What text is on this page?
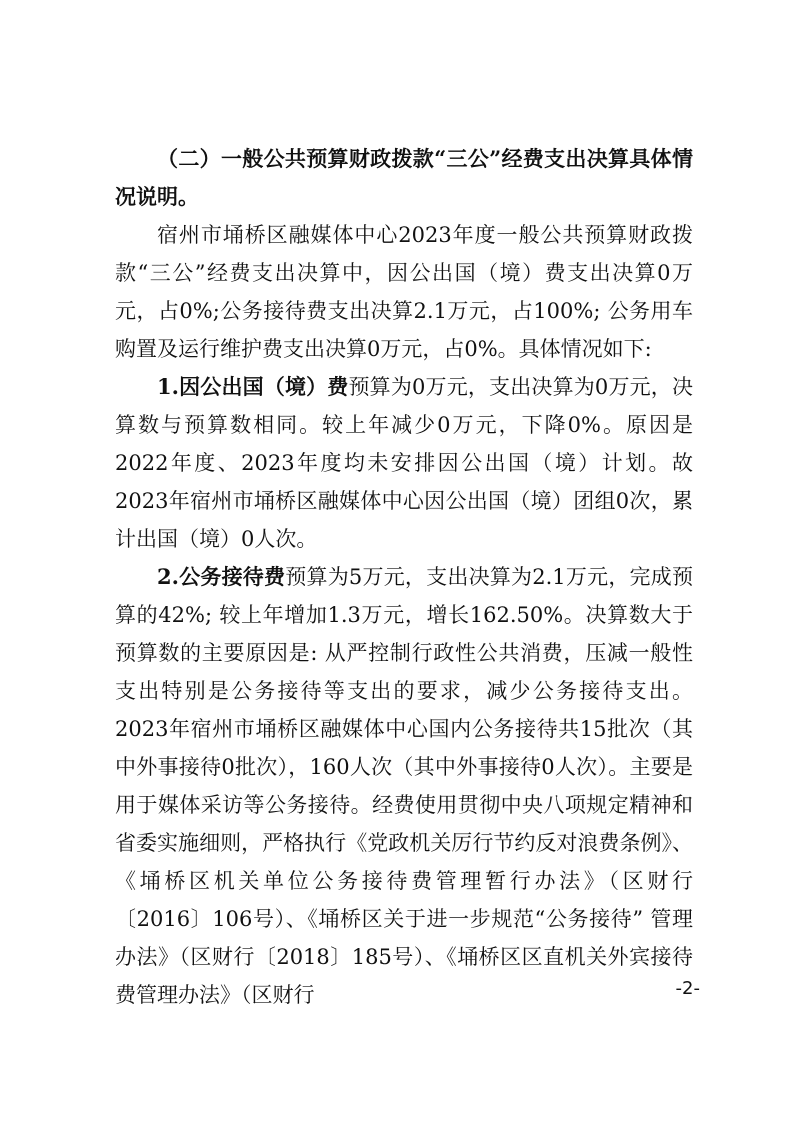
（二）一般公共预算财政拨款“三公”经费支出决算具体情况说明。

宿州市埇桥区融媒体中心2023年度一般公共预算财政拨款“三公”经费支出决算中，因公出国（境）费支出决算0万元，占0%;公务接待费支出决算2.1万元，占100%; 公务用车购置及运行维护费支出决算0万元，占0%。具体情况如下:

1.因公出国（境）费预算为0万元，支出决算为0万元，决算数与预算数相同。较上年减少0万元，下降0%。原因是2022年度、2023年度均未安排因公出国（境）计划。故2023年宿州市埇桥区融媒体中心因公出国（境）团组0次，累计出国（境）0人次。

2.公务接待费预算为5万元，支出决算为2.1万元，完成预算的42%; 较上年增加1.3万元，增长162.50%。决算数大于预算数的主要原因是: 从严控制行政性公共消费，压减一般性支出特别是公务接待等支出的要求，减少公务接待支出。2023年宿州市埇桥区融媒体中心国内公务接待共15批次（其中外事接待0批次），160人次（其中外事接待0人次）。主要是用于媒体采访等公务接待。经费使用贯彻中央八项规定精神和省委实施细则，严格执行《党政机关厉行节约反对浪费条例》、《埇桥区机关单位公务接待费管理暂行办法》（区财行〔2016〕106号）、《埇桥区关于进一步规范“公务接待” 管理办法》（区财行〔2018〕185号）、《埇桥区区直机关外宾接待费管理办法》（区财行	-2-
